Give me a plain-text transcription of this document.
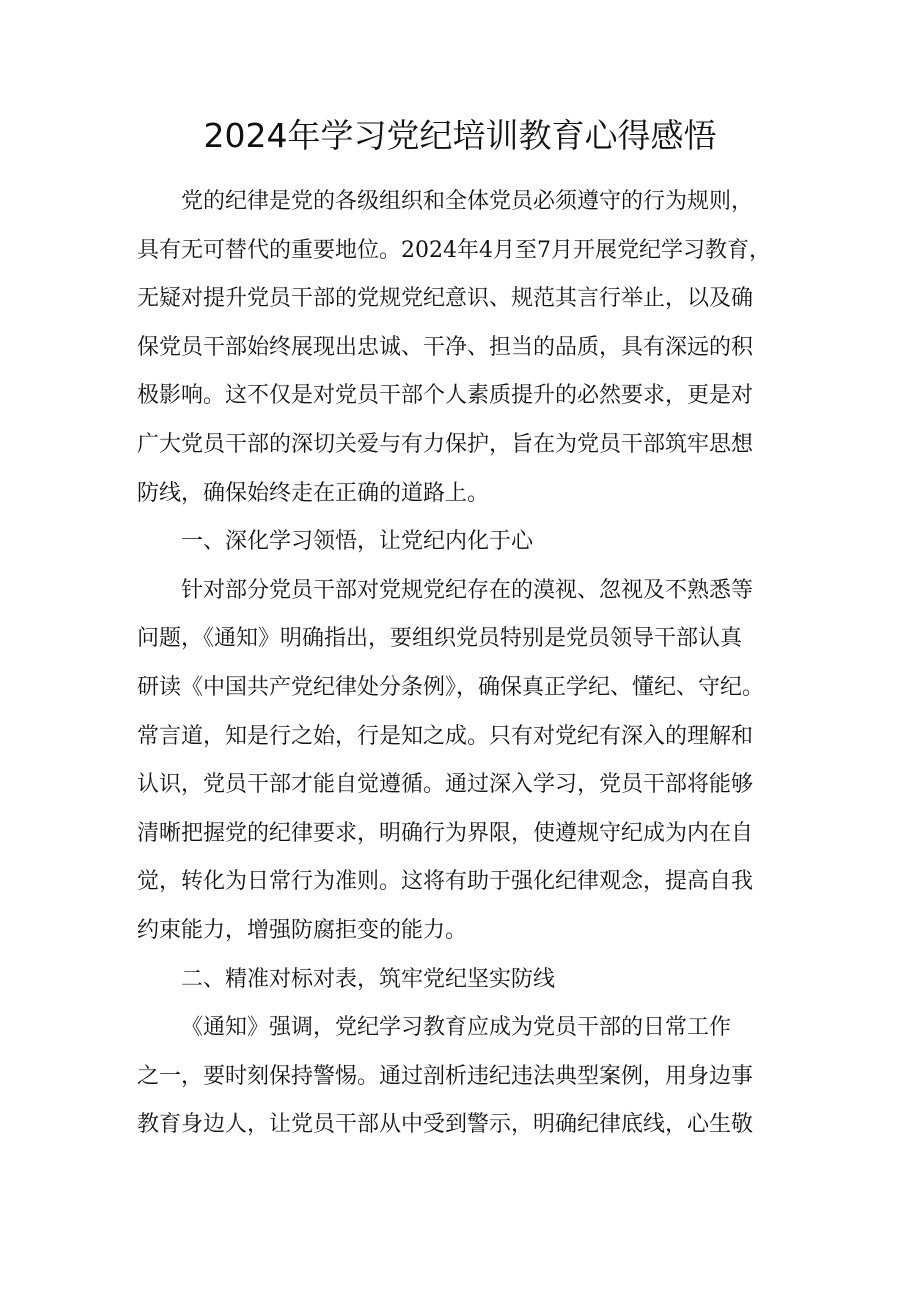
2024年学习党纪培训教育心得感悟
党的纪律是党的各级组织和全体党员必须遵守的行为规则，
具有无可替代的重要地位。2024年4月至7月开展党纪学习教育，
无疑对提升党员干部的党规党纪意识、规范其言行举止，以及确
保党员干部始终展现出忠诚、干净、担当的品质，具有深远的积
极影响。这不仅是对党员干部个人素质提升的必然要求，更是对
广大党员干部的深切关爱与有力保护，旨在为党员干部筑牢思想
防线，确保始终走在正确的道路上。
一、深化学习领悟，让党纪内化于心
针对部分党员干部对党规党纪存在的漠视、忽视及不熟悉等
问题，《通知》明确指出，要组织党员特别是党员领导干部认真
研读《中国共产党纪律处分条例》，确保真正学纪、懂纪、守纪。
常言道，知是行之始，行是知之成。只有对党纪有深入的理解和
认识，党员干部才能自觉遵循。通过深入学习，党员干部将能够
清晰把握党的纪律要求，明确行为界限，使遵规守纪成为内在自
觉，转化为日常行为准则。这将有助于强化纪律观念，提高自我
约束能力，增强防腐拒变的能力。
二、精准对标对表，筑牢党纪坚实防线
《通知》强调，党纪学习教育应成为党员干部的日常工作
之一，要时刻保持警惕。通过剖析违纪违法典型案例，用身边事
教育身边人，让党员干部从中受到警示，明确纪律底线，心生敬
